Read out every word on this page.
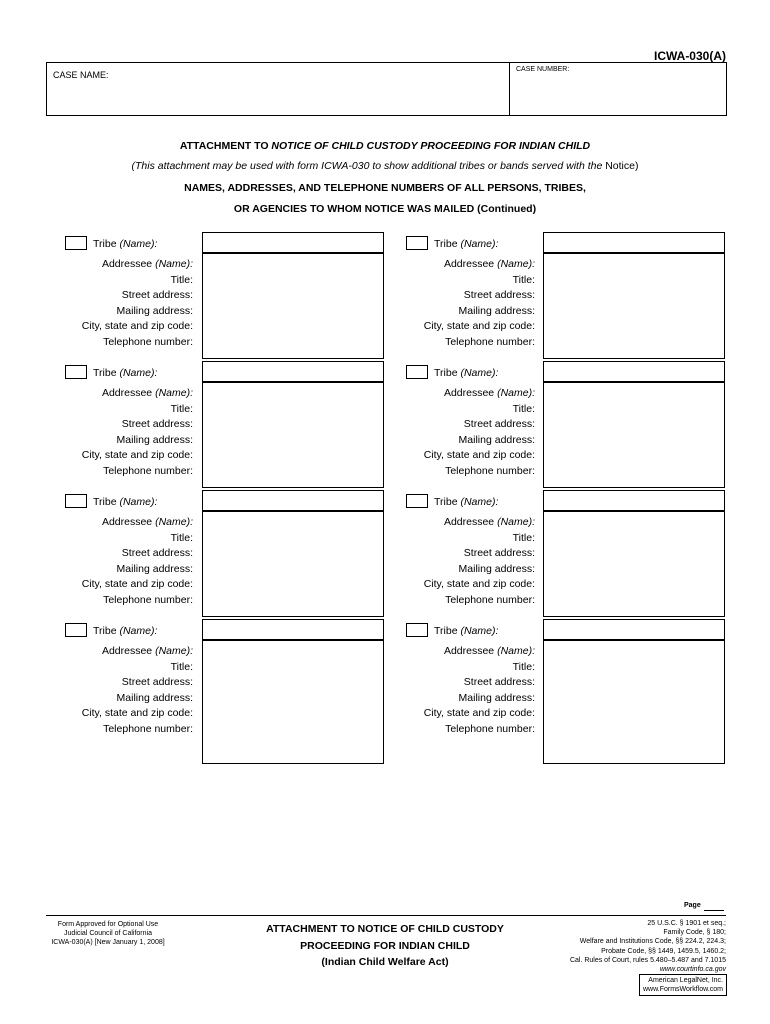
ICWA-030(A)
CASE NAME:
CASE NUMBER:
ATTACHMENT TO NOTICE OF CHILD CUSTODY PROCEEDING FOR INDIAN CHILD
(This attachment may be used with form ICWA-030 to show additional tribes or bands served with the Notice)
NAMES, ADDRESSES, AND TELEPHONE NUMBERS OF ALL PERSONS, TRIBES,
OR AGENCIES TO WHOM NOTICE WAS MAILED (Continued)
Tribe (Name):
Addressee (Name):
Title:
Street address:
Mailing address:
City, state and zip code:
Telephone number:
Tribe (Name):
Addressee (Name):
Title:
Street address:
Mailing address:
City, state and zip code:
Telephone number:
Tribe (Name):
Addressee (Name):
Title:
Street address:
Mailing address:
City, state and zip code:
Telephone number:
Tribe (Name):
Addressee (Name):
Title:
Street address:
Mailing address:
City, state and zip code:
Telephone number:
Tribe (Name):
Addressee (Name):
Title:
Street address:
Mailing address:
City, state and zip code:
Telephone number:
Tribe (Name):
Addressee (Name):
Title:
Street address:
Mailing address:
City, state and zip code:
Telephone number:
Tribe (Name):
Addressee (Name):
Title:
Street address:
Mailing address:
City, state and zip code:
Telephone number:
Tribe (Name):
Addressee (Name):
Title:
Street address:
Mailing address:
City, state and zip code:
Telephone number:
Page
Form Approved for Optional Use
Judicial Council of California
ICWA-030(A) [New January 1, 2008]
ATTACHMENT TO NOTICE OF CHILD CUSTODY
PROCEEDING FOR INDIAN CHILD
(Indian Child Welfare Act)
25 U.S.C. § 1901 et seq.;
Family Code, § 180;
Welfare and Institutions Code, §§ 224.2, 224.3;
Probate Code, §§ 1449, 1459.5, 1460.2;
Cal. Rules of Court, rules 5.480–5.487 and 7.1015
www.courtinfo.ca.gov
American LegalNet, Inc.
www.FormsWorkflow.com
